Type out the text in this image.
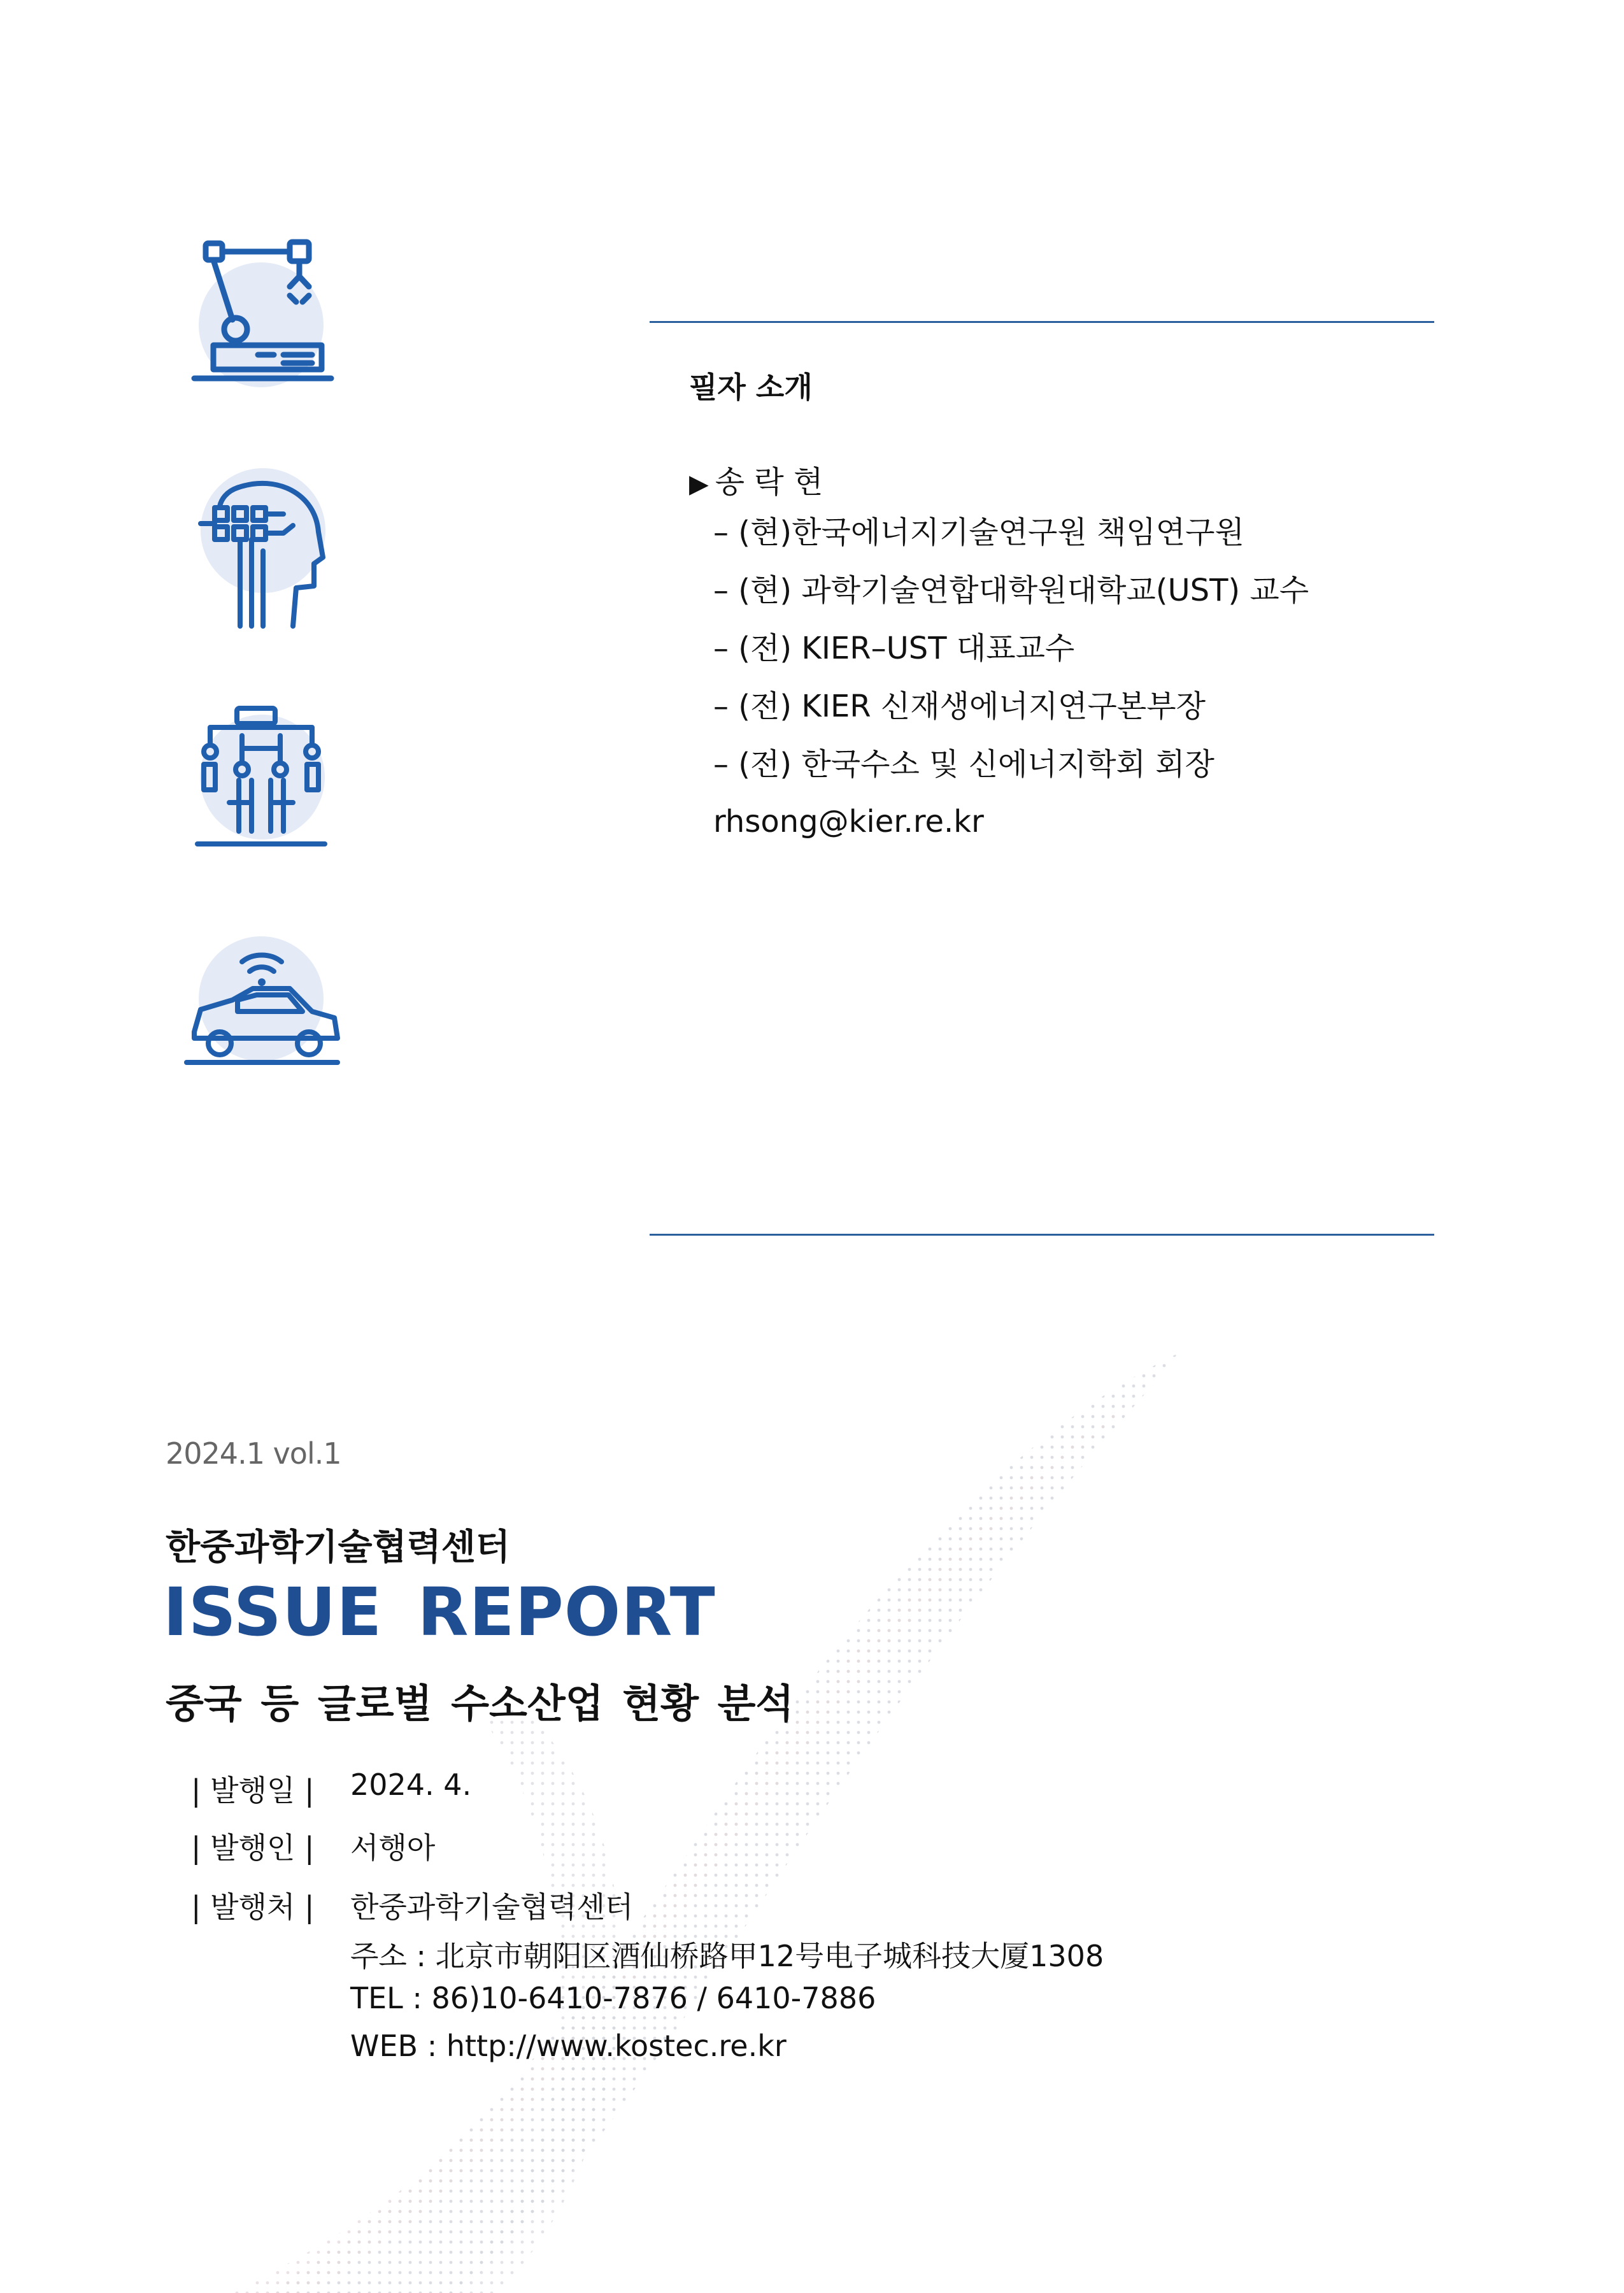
필자 소개
▶ 송 락 현
– (현)한국에너지기술연구원 책임연구원
– (현) 과학기술연합대학원대학교(UST) 교수
– (전) KIER–UST 대표교수
– (전) KIER 신재생에너지연구본부장
– (전) 한국수소 및 신에너지학회 회장
rhsong@kier.re.kr
2024.1 vol.1
한중과학기술협력센터
ISSUE REPORT
중국 등 글로벌 수소산업 현황 분석
| 발행일 | 2024. 4.
| 발행인 | 서행아
| 발행처 | 한중과학기술협력센터
주소 : 北京市朝阳区酒仙桥路甲12号电子城科技大厦1308
TEL : 86)10-6410-7876 / 6410-7886
WEB : http://www.kostec.re.kr
